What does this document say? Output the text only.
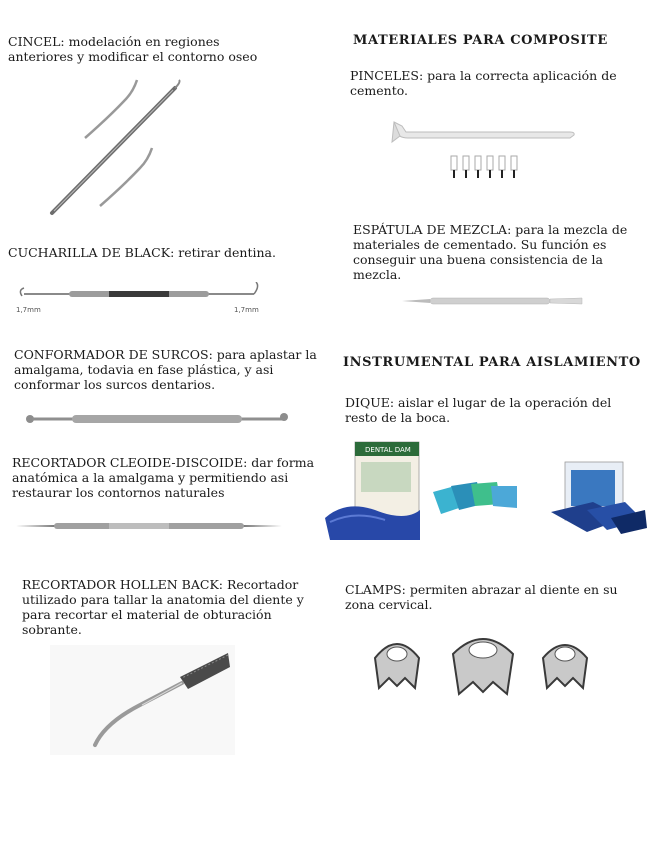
CINCEL: modelación en regiones
anteriores y modificar el contorno oseo
CUCHARILLA DE BLACK: retirar dentina.
1,7mm	1,7mm
CONFORMADOR DE SURCOS: para aplastar la
amalgama, todavia en fase plástica, y asi
conformar los surcos dentarios.
RECORTADOR CLEOIDE-DISCOIDE: dar forma
anatómica a la amalgama y permitiendo asi
restaurar los contornos naturales
RECORTADOR HOLLEN BACK: Recortador
utilizado para tallar la anatomia del diente y
para recortar el material de obturación
sobrante.
MATERIALES PARA COMPOSITE
PINCELES: para la correcta aplicación de
cemento.
ESPÁTULA DE MEZCLA: para la mezcla de
materiales de cementado. Su función es
conseguir una buena consistencia de la
mezcla.
INSTRUMENTAL PARA AISLAMIENTO
DIQUE: aislar el lugar de la operación del
resto de la boca.
DENTAL DAM
CLAMPS: permiten abrazar al diente en su
zona cervical.
